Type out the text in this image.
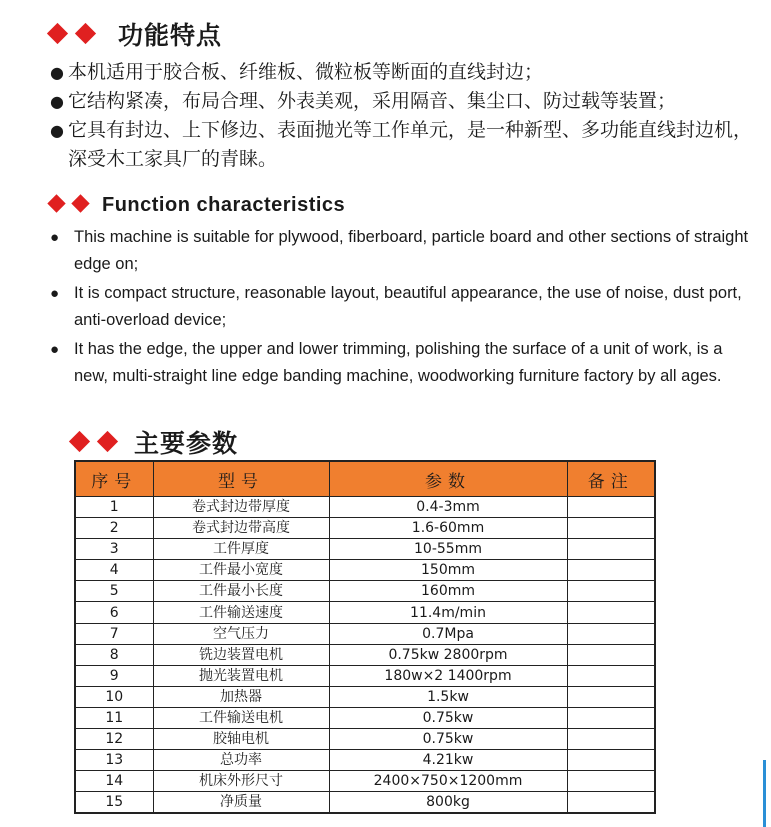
功能特点
● 本机适用于胶合板、纤维板、微粒板等断面的直线封边；
● 它结构紧凑，布局合理、外表美观，采用隔音、集尘口、防过载等装置；
● 它具有封边、上下修边、表面抛光等工作单元，是一种新型、多功能直线封边机，深受木工家具厂的青睐。
Function characteristics
● This machine is suitable for plywood, fiberboard, particle board and other sections of straight edge on;
● It is compact structure, reasonable layout, beautiful appearance, the use of noise, dust port, anti-overload device;
● It has the edge, the upper and lower trimming, polishing the surface of a unit of work, is a new, multi-straight line edge banding machine, woodworking furniture factory by all ages.
主要参数
序号	型号	参数	备注
1	卷式封边带厚度	0.4-3mm	
2	卷式封边带高度	1.6-60mm	
3	工件厚度	10-55mm	
4	工件最小宽度	150mm	
5	工件最小长度	160mm	
6	工件输送速度	11.4m/min	
7	空气压力	0.7Mpa	
8	铣边装置电机	0.75kw 2800rpm	
9	抛光装置电机	180w×2 1400rpm	
10	加热器	1.5kw	
11	工件输送电机	0.75kw	
12	胶轴电机	0.75kw	
13	总功率	4.21kw	
14	机床外形尺寸	2400×750×1200mm	
15	净质量	800kg	
